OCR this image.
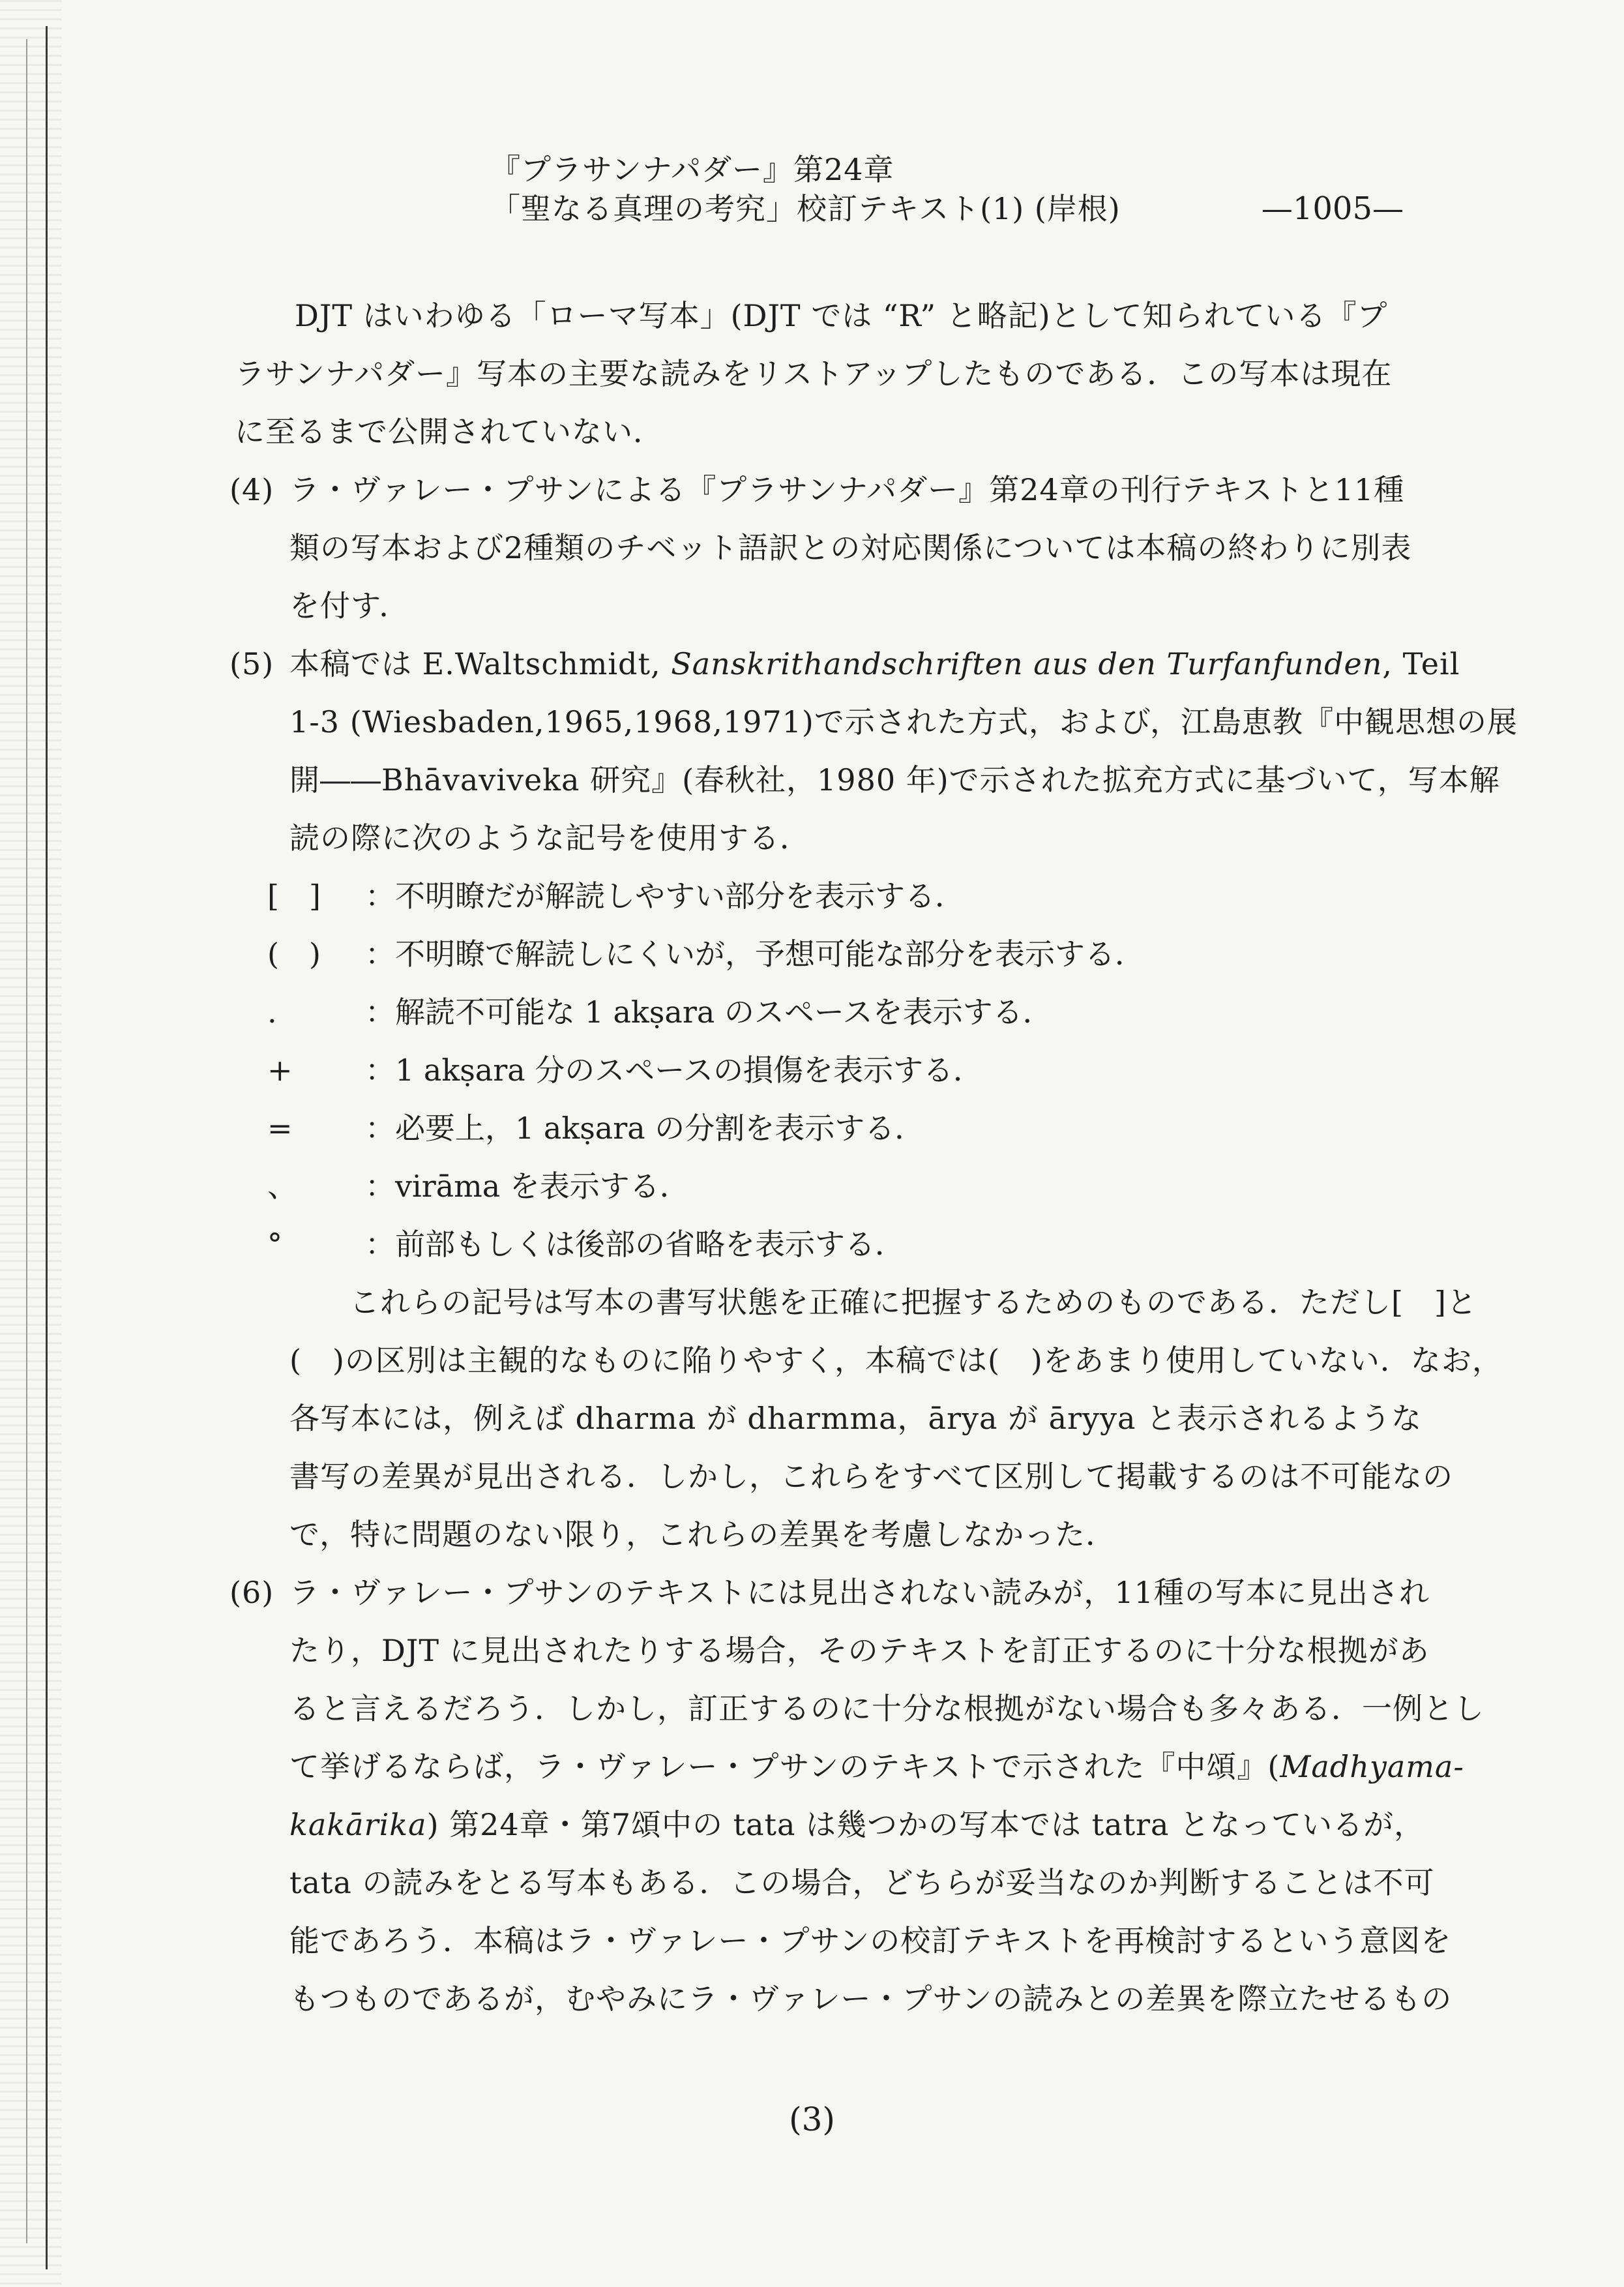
『プラサンナパダー』第24章
「聖なる真理の考究」校訂テキスト(1) (岸根)	—1005—
DJT はいわゆる「ローマ写本」(DJT では “R” と略記)として知られている『プ
ラサンナパダー』写本の主要な読みをリストアップしたものである．この写本は現在
に至るまで公開されていない．
(4) ラ・ヴァレー・プサンによる『プラサンナパダー』第24章の刊行テキストと11種
類の写本および2種類のチベット語訳との対応関係については本稿の終わりに別表
を付す．
(5) 本稿では E.Waltschmidt, Sanskrithandschriften aus den Turfanfunden, Teil
1-3 (Wiesbaden,1965,1968,1971)で示された方式，および，江島恵教『中観思想の展
開――Bhāvaviveka 研究』(春秋社，1980 年)で示された拡充方式に基づいて，写本解
読の際に次のような記号を使用する．
[　]	：不明瞭だが解読しやすい部分を表示する．
(　)	：不明瞭で解読しにくいが，予想可能な部分を表示する．
.	：解読不可能な 1 akṣara のスペースを表示する．
+	：1 akṣara 分のスペースの損傷を表示する．
=	：必要上，1 akṣara の分割を表示する．
、	：virāma を表示する．
°	：前部もしくは後部の省略を表示する．
これらの記号は写本の書写状態を正確に把握するためのものである．ただし[　]と
(　)の区別は主観的なものに陥りやすく，本稿では(　)をあまり使用していない．なお，
各写本には，例えば dharma が dharmma，ārya が āryya と表示されるような
書写の差異が見出される．しかし，これらをすべて区別して掲載するのは不可能なの
で，特に問題のない限り，これらの差異を考慮しなかった．
(6) ラ・ヴァレー・プサンのテキストには見出されない読みが，11種の写本に見出され
たり，DJT に見出されたりする場合，そのテキストを訂正するのに十分な根拠があ
ると言えるだろう．しかし，訂正するのに十分な根拠がない場合も多々ある．一例とし
て挙げるならば，ラ・ヴァレー・プサンのテキストで示された『中頌』(Madhyama-
kakārika) 第24章・第7頌中の tata は幾つかの写本では tatra となっているが，
tata の読みをとる写本もある．この場合，どちらが妥当なのか判断することは不可
能であろう．本稿はラ・ヴァレー・プサンの校訂テキストを再検討するという意図を
もつものであるが，むやみにラ・ヴァレー・プサンの読みとの差異を際立たせるもの
(3)
